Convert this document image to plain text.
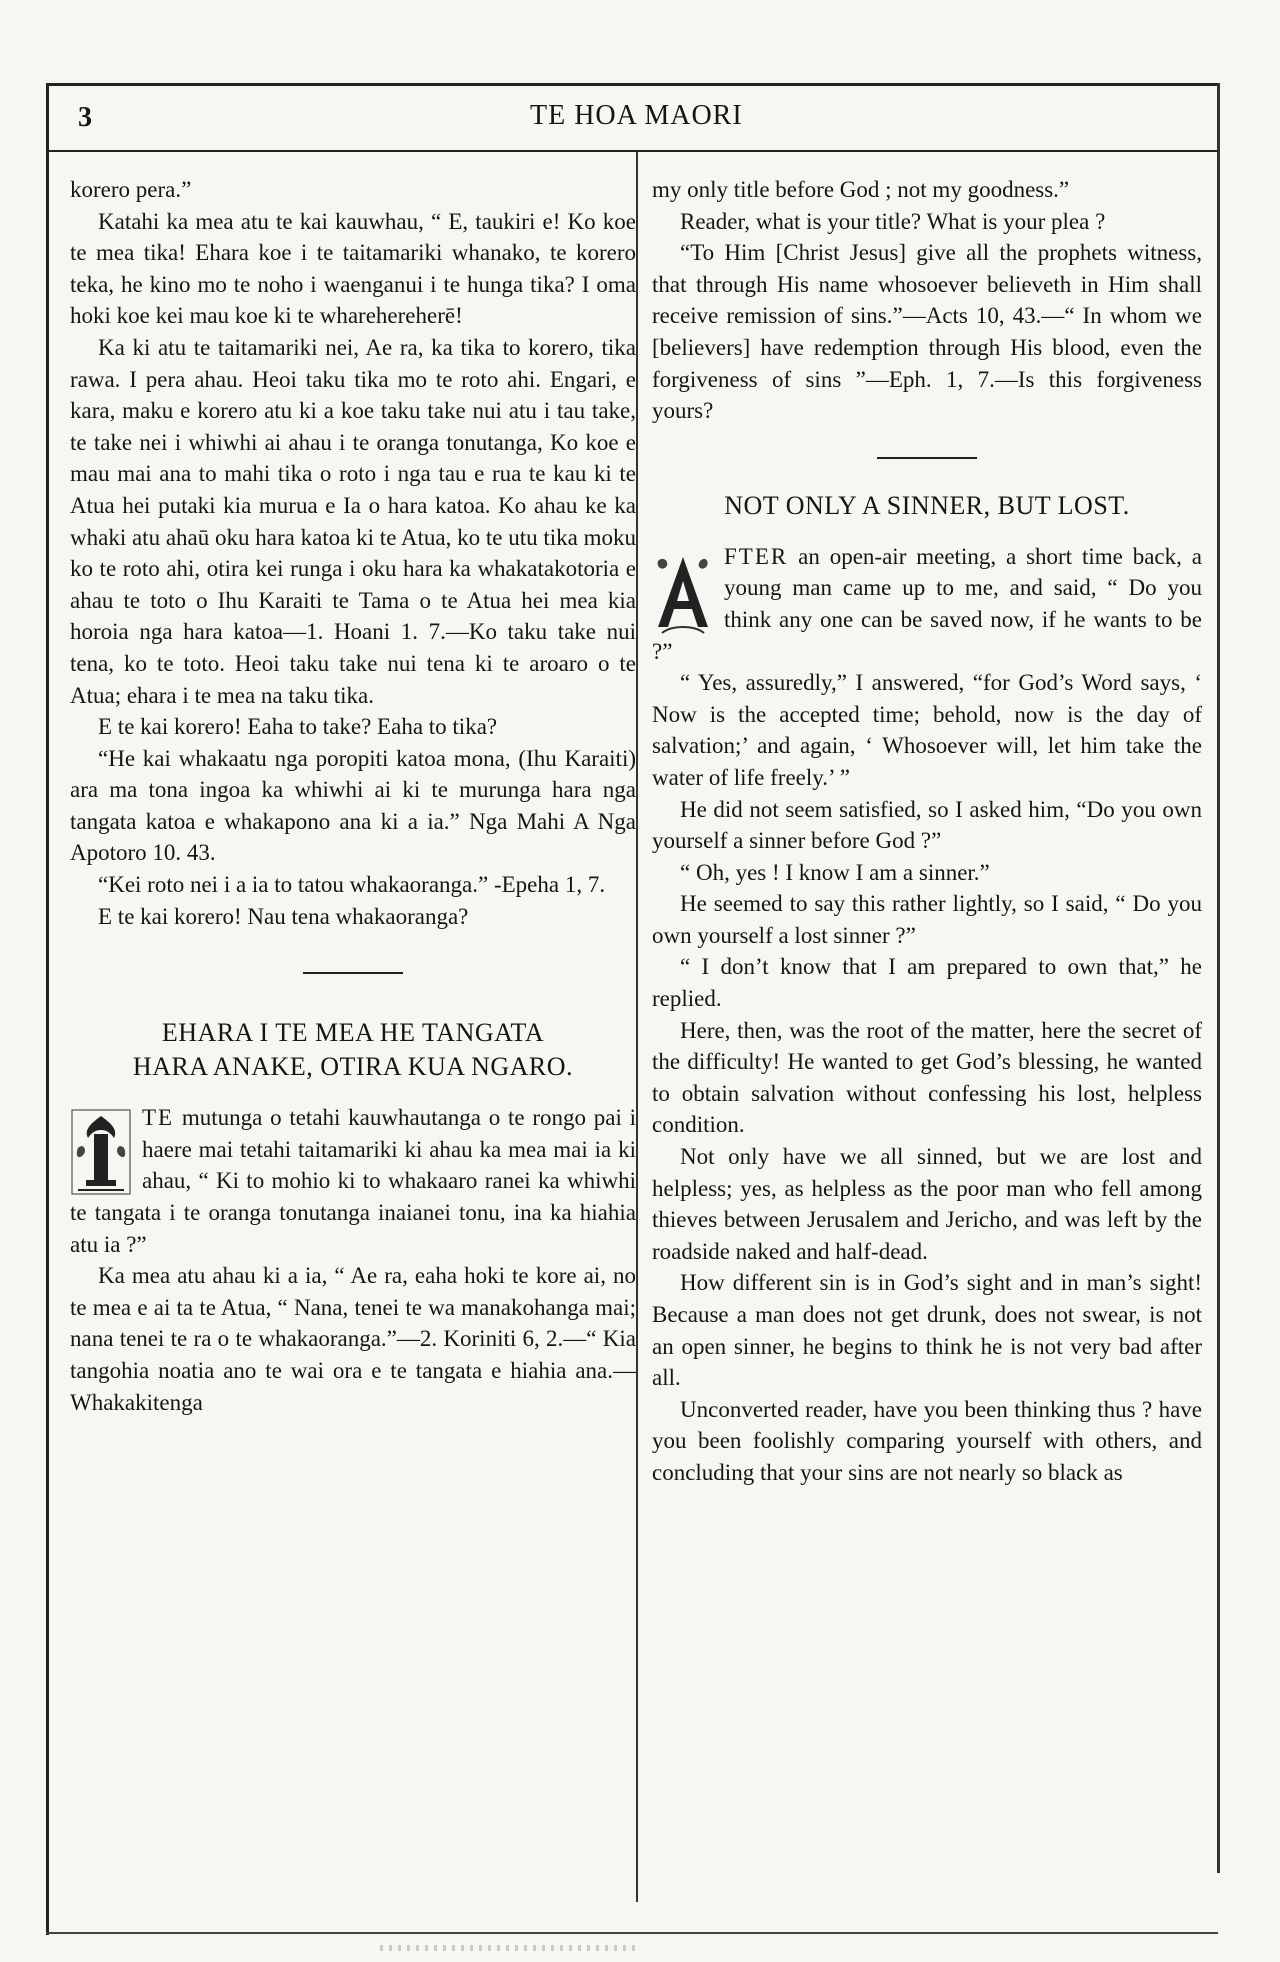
3	TE HOA MAORI

korero pera.”

Katahi ka mea atu te kai kauwhau, “ E, taukiri e! Ko koe te mea tika! Ehara koe i te taitamariki whanako, te korero teka, he kino mo te noho i waenganui i te hunga tika? I oma hoki koe kei mau koe ki te wharehereherē!

Ka ki atu te taitamariki nei, Ae ra, ka tika to korero, tika rawa. I pera ahau. Heoi taku tika mo te roto ahi. Engari, e kara, maku e korero atu ki a koe taku take nui atu i tau take, te take nei i whiwhi ai ahau i te oranga tonutanga, Ko koe e mau mai ana to mahi tika o roto i nga tau e rua te kau ki te Atua hei putaki kia murua e Ia o hara katoa. Ko ahau ke ka whaki atu ahaū oku hara katoa ki te Atua, ko te utu tika moku ko te roto ahi, otira kei runga i oku hara ka whakatakotoria e ahau te toto o Ihu Karaiti te Tama o te Atua hei mea kia horoia nga hara katoa—1. Hoani 1. 7.—Ko taku take nui tena, ko te toto. Heoi taku take nui tena ki te aroaro o te Atua; ehara i te mea na taku tika.

E te kai korero! Eaha to take? Eaha to tika?

“He kai whakaatu nga poropiti katoa mona, (Ihu Karaiti) ara ma tona ingoa ka whiwhi ai ki te murunga hara nga tangata katoa e whakapono ana ki a ia.” Nga Mahi A Nga Apotoro 10. 43.

“Kei roto nei i a ia to tatou whakaoranga.” -Epeha 1, 7.

E te kai korero! Nau tena whakaoranga?

EHARA I TE MEA HE TANGATA
HARA ANAKE, OTIRA KUA NGARO.

TE mutunga o tetahi kauwhautanga o te rongo pai i haere mai tetahi taitamariki ki ahau ka mea mai ia ki ahau, “ Ki to mohio ki to whakaaro ranei ka whiwhi te tangata i te oranga tonutanga inaianei tonu, ina ka hiahia atu ia ?”

Ka mea atu ahau ki a ia, “ Ae ra, eaha hoki te kore ai, no te mea e ai ta te Atua, “ Nana, tenei te wa manakohanga mai; nana tenei te ra o te whakaoranga.”—2. Koriniti 6, 2.—“ Kia tangohia noatia ano te wai ora e te tangata e hiahia ana.—Whakakitenga

my only title before God ; not my goodness.”

Reader, what is your title? What is your plea ?

“To Him [Christ Jesus] give all the prophets witness, that through His name whosoever believeth in Him shall receive remission of sins.”—Acts 10, 43.—“ In whom we [believers] have redemption through His blood, even the forgiveness of sins ”—Eph. 1, 7.—Is this forgiveness yours?

NOT ONLY A SINNER, BUT LOST.

FTER an open-air meeting, a short time back, a young man came up to me, and said, “ Do you think any one can be saved now, if he wants to be ?”

“ Yes, assuredly,” I answered, “for God’s Word says, ‘ Now is the accepted time; behold, now is the day of salvation;’ and again, ‘ Whosoever will, let him take the water of life freely.’ ”

He did not seem satisfied, so I asked him, “Do you own yourself a sinner before God ?”

“ Oh, yes ! I know I am a sinner.”

He seemed to say this rather lightly, so I said, “ Do you own yourself a lost sinner ?”

“ I don’t know that I am prepared to own that,” he replied.

Here, then, was the root of the matter, here the secret of the difficulty! He wanted to get God’s blessing, he wanted to obtain salvation without confessing his lost, helpless condition.

Not only have we all sinned, but we are lost and helpless; yes, as helpless as the poor man who fell among thieves between Jerusalem and Jericho, and was left by the roadside naked and half-dead.

How different sin is in God’s sight and in man’s sight! Because a man does not get drunk, does not swear, is not an open sinner, he begins to think he is not very bad after all.

Unconverted reader, have you been thinking thus ? have you been foolishly comparing yourself with others, and concluding that your sins are not nearly so black as
